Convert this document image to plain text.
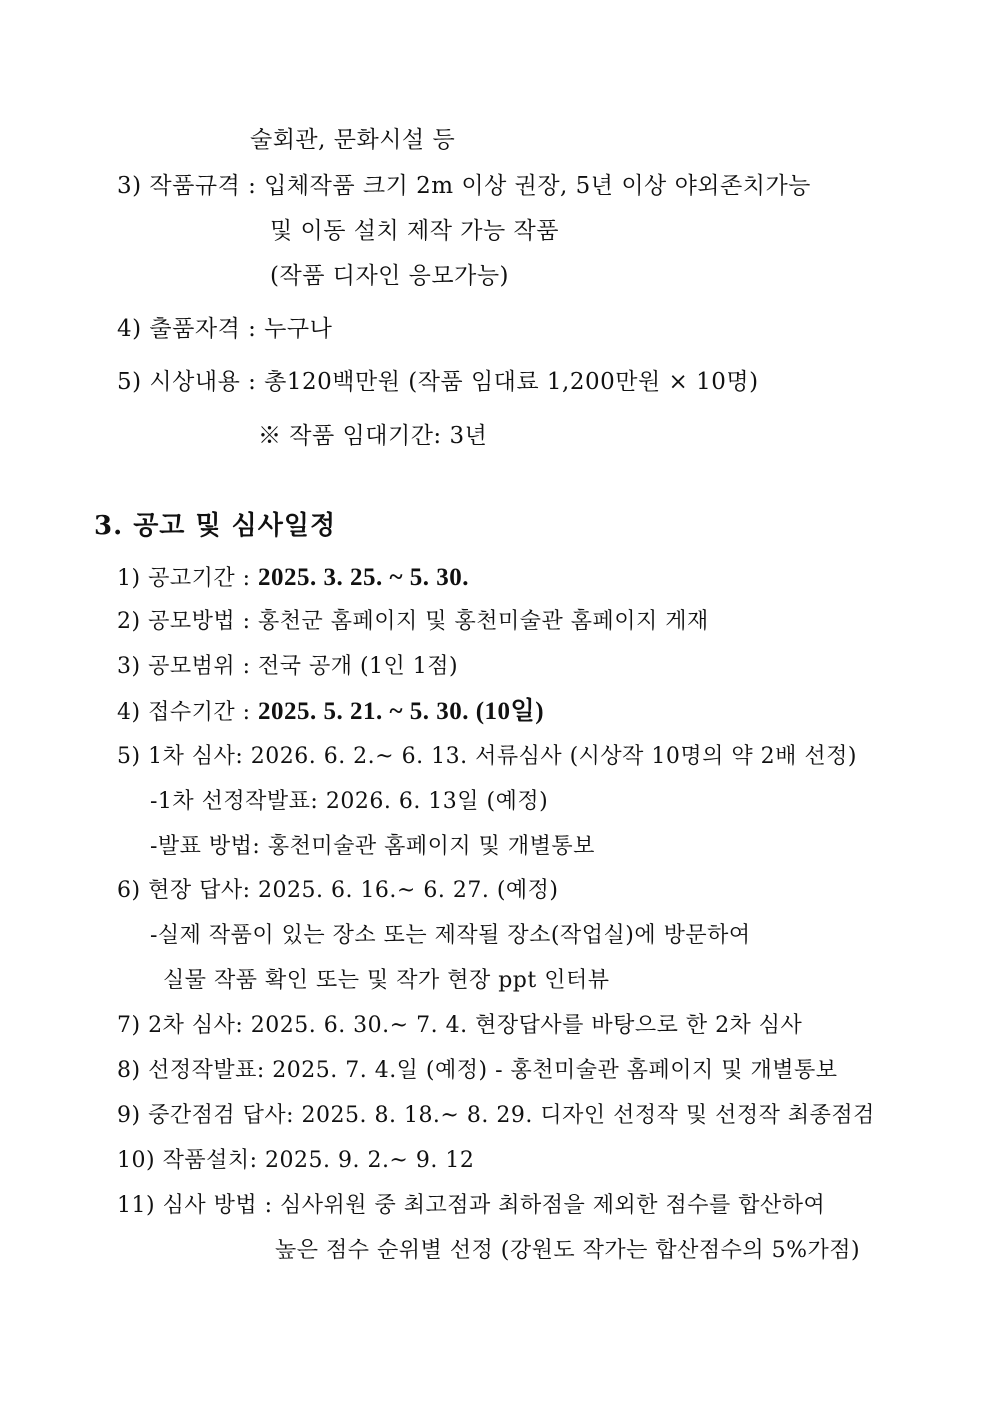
술회관, 문화시설 등
3) 작품규격 : 입체작품 크기 2m 이상 권장, 5년 이상 야외존치가능
및 이동 설치 제작 가능 작품
(작품 디자인 응모가능)
4) 출품자격 : 누구나
5) 시상내용 : 총120백만원 (작품 임대료 1,200만원 × 10명)
※ 작품 임대기간: 3년
3. 공고 및 심사일정
1) 공고기간 : 2025. 3. 25. ~ 5. 30.
2) 공모방법 : 홍천군 홈페이지 및 홍천미술관 홈페이지 게재
3) 공모범위 : 전국 공개 (1인 1점)
4) 접수기간 : 2025. 5. 21. ~ 5. 30. (10일)
5) 1차 심사: 2026. 6. 2.~ 6. 13. 서류심사 (시상작 10명의 약 2배 선정)
-1차 선정작발표: 2026. 6. 13일 (예정)
-발표 방법: 홍천미술관 홈페이지 및 개별통보
6) 현장 답사: 2025. 6. 16.~ 6. 27. (예정)
-실제 작품이 있는 장소 또는 제작될 장소(작업실)에 방문하여
실물 작품 확인 또는 및 작가 현장 ppt 인터뷰
7) 2차 심사: 2025. 6. 30.~ 7. 4. 현장답사를 바탕으로 한 2차 심사
8) 선정작발표: 2025. 7. 4.일 (예정) - 홍천미술관 홈페이지 및 개별통보
9) 중간점검 답사: 2025. 8. 18.~ 8. 29. 디자인 선정작 및 선정작 최종점검
10) 작품설치: 2025. 9. 2.~ 9. 12
11) 심사 방법 : 심사위원 중 최고점과 최하점을 제외한 점수를 합산하여
높은 점수 순위별 선정 (강원도 작가는 합산점수의 5%가점)
